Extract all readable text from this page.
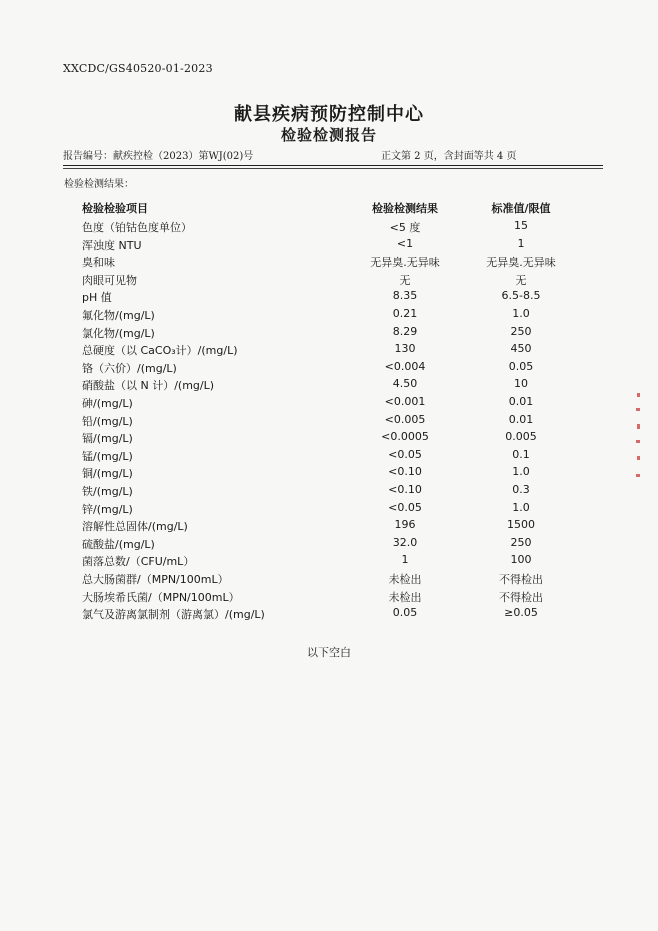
XXCDC/GS40520-01-2023
献县疾病预防控制中心
检验检测报告
报告编号：献疾控检（2023）第WJ(02)号	正文第 2 页，含封面等共 4 页
检验检测结果：
检验检验项目	检验检测结果	标准值/限值
色度（铂钴色度单位）	<5 度	15
浑浊度 NTU	<1	1
臭和味	无异臭.无异味	无异臭.无异味
肉眼可见物	无	无
pH 值	8.35	6.5-8.5
氟化物/(mg/L)	0.21	1.0
氯化物/(mg/L)	8.29	250
总硬度（以 CaCO₃计）/(mg/L)	130	450
铬（六价）/(mg/L)	<0.004	0.05
硝酸盐（以 N 计）/(mg/L)	4.50	10
砷/(mg/L)	<0.001	0.01
铅/(mg/L)	<0.005	0.01
镉/(mg/L)	<0.0005	0.005
锰/(mg/L)	<0.05	0.1
铜/(mg/L)	<0.10	1.0
铁/(mg/L)	<0.10	0.3
锌/(mg/L)	<0.05	1.0
溶解性总固体/(mg/L)	196	1500
硫酸盐/(mg/L)	32.0	250
菌落总数/（CFU/mL）	1	100
总大肠菌群/（MPN/100mL）	未检出	不得检出
大肠埃希氏菌/（MPN/100mL）	未检出	不得检出
氯气及游离氯制剂（游离氯）/(mg/L)	0.05	≥0.05
以下空白
